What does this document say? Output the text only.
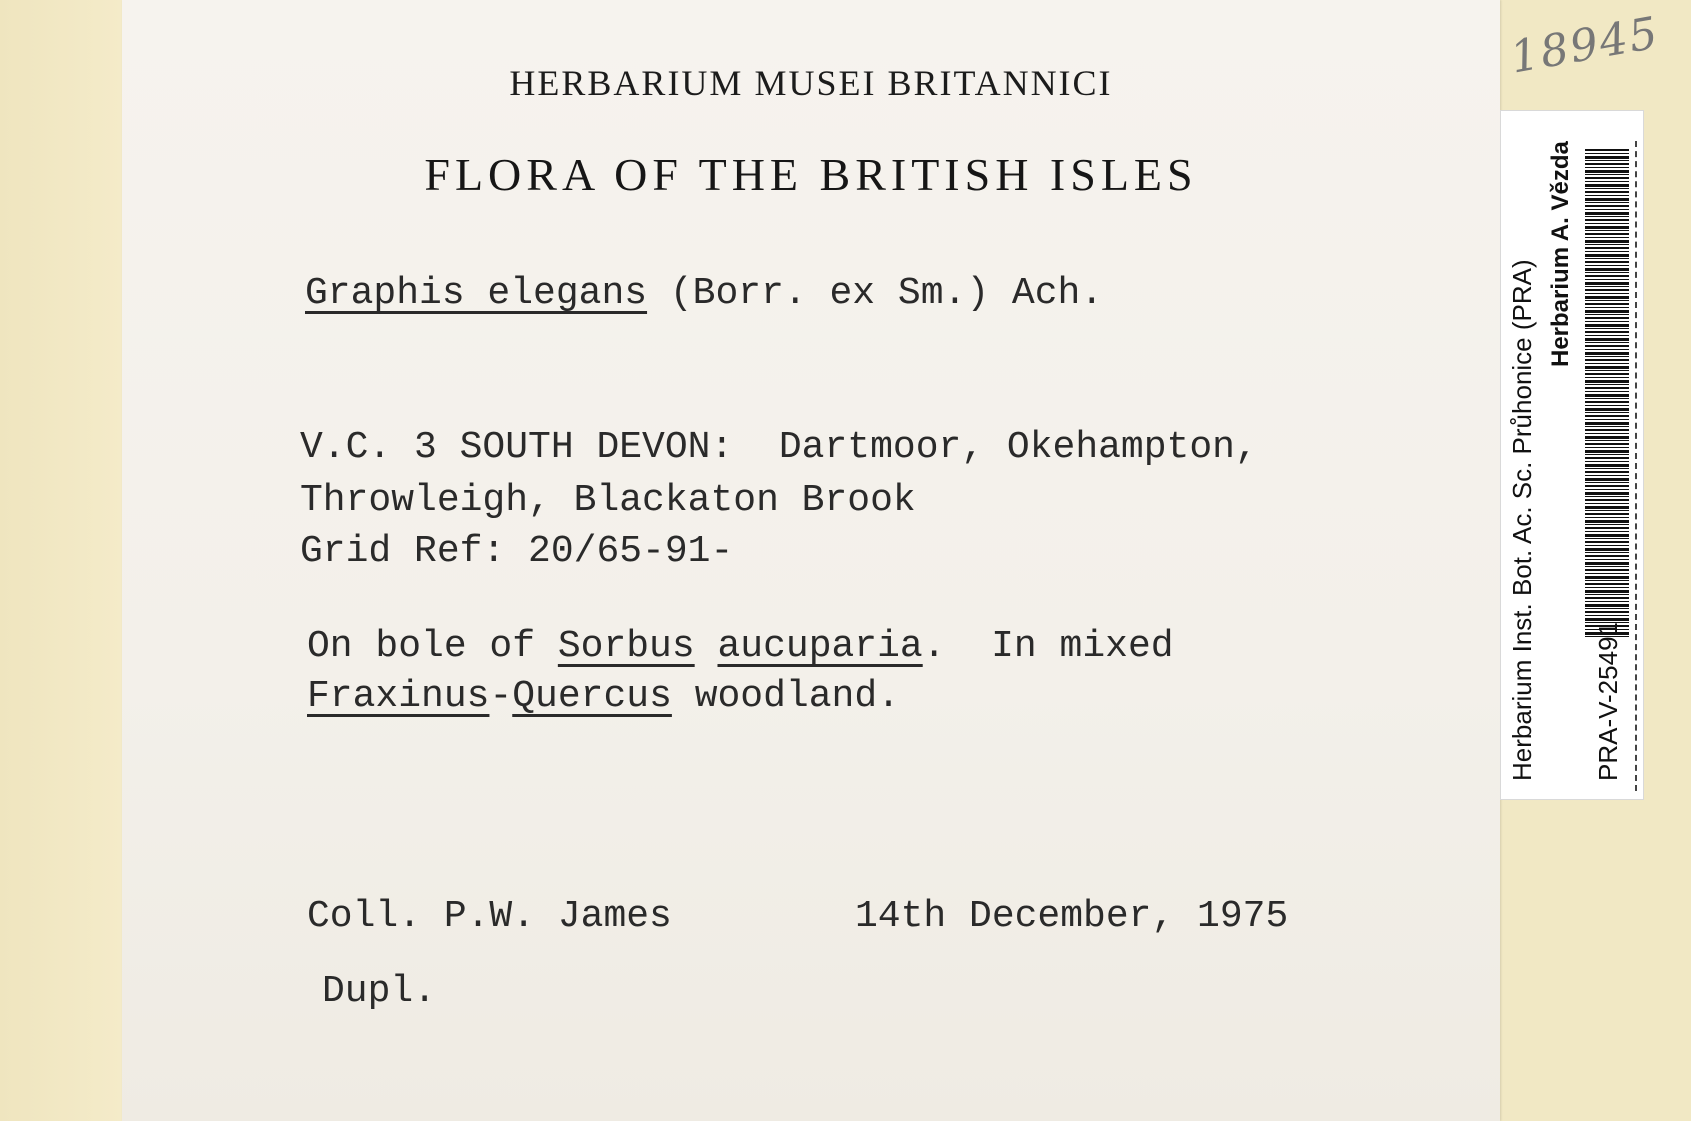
HERBARIUM MUSEI BRITANNICI
FLORA OF THE BRITISH ISLES
Graphis elegans (Borr. ex Sm.) Ach.
V.C. 3 SOUTH DEVON:  Dartmoor, Okehampton,
Throwleigh, Blackaton Brook
Grid Ref: 20/65-91-
On bole of Sorbus aucuparia.  In mixed
Fraxinus-Quercus woodland.
Coll. P.W. James	14th December, 1975
Dupl.
18945
Herbarium Inst. Bot. Ac. Sc. Průhonice (PRA)
Herbarium A. Vězda
PRA-V-25491
